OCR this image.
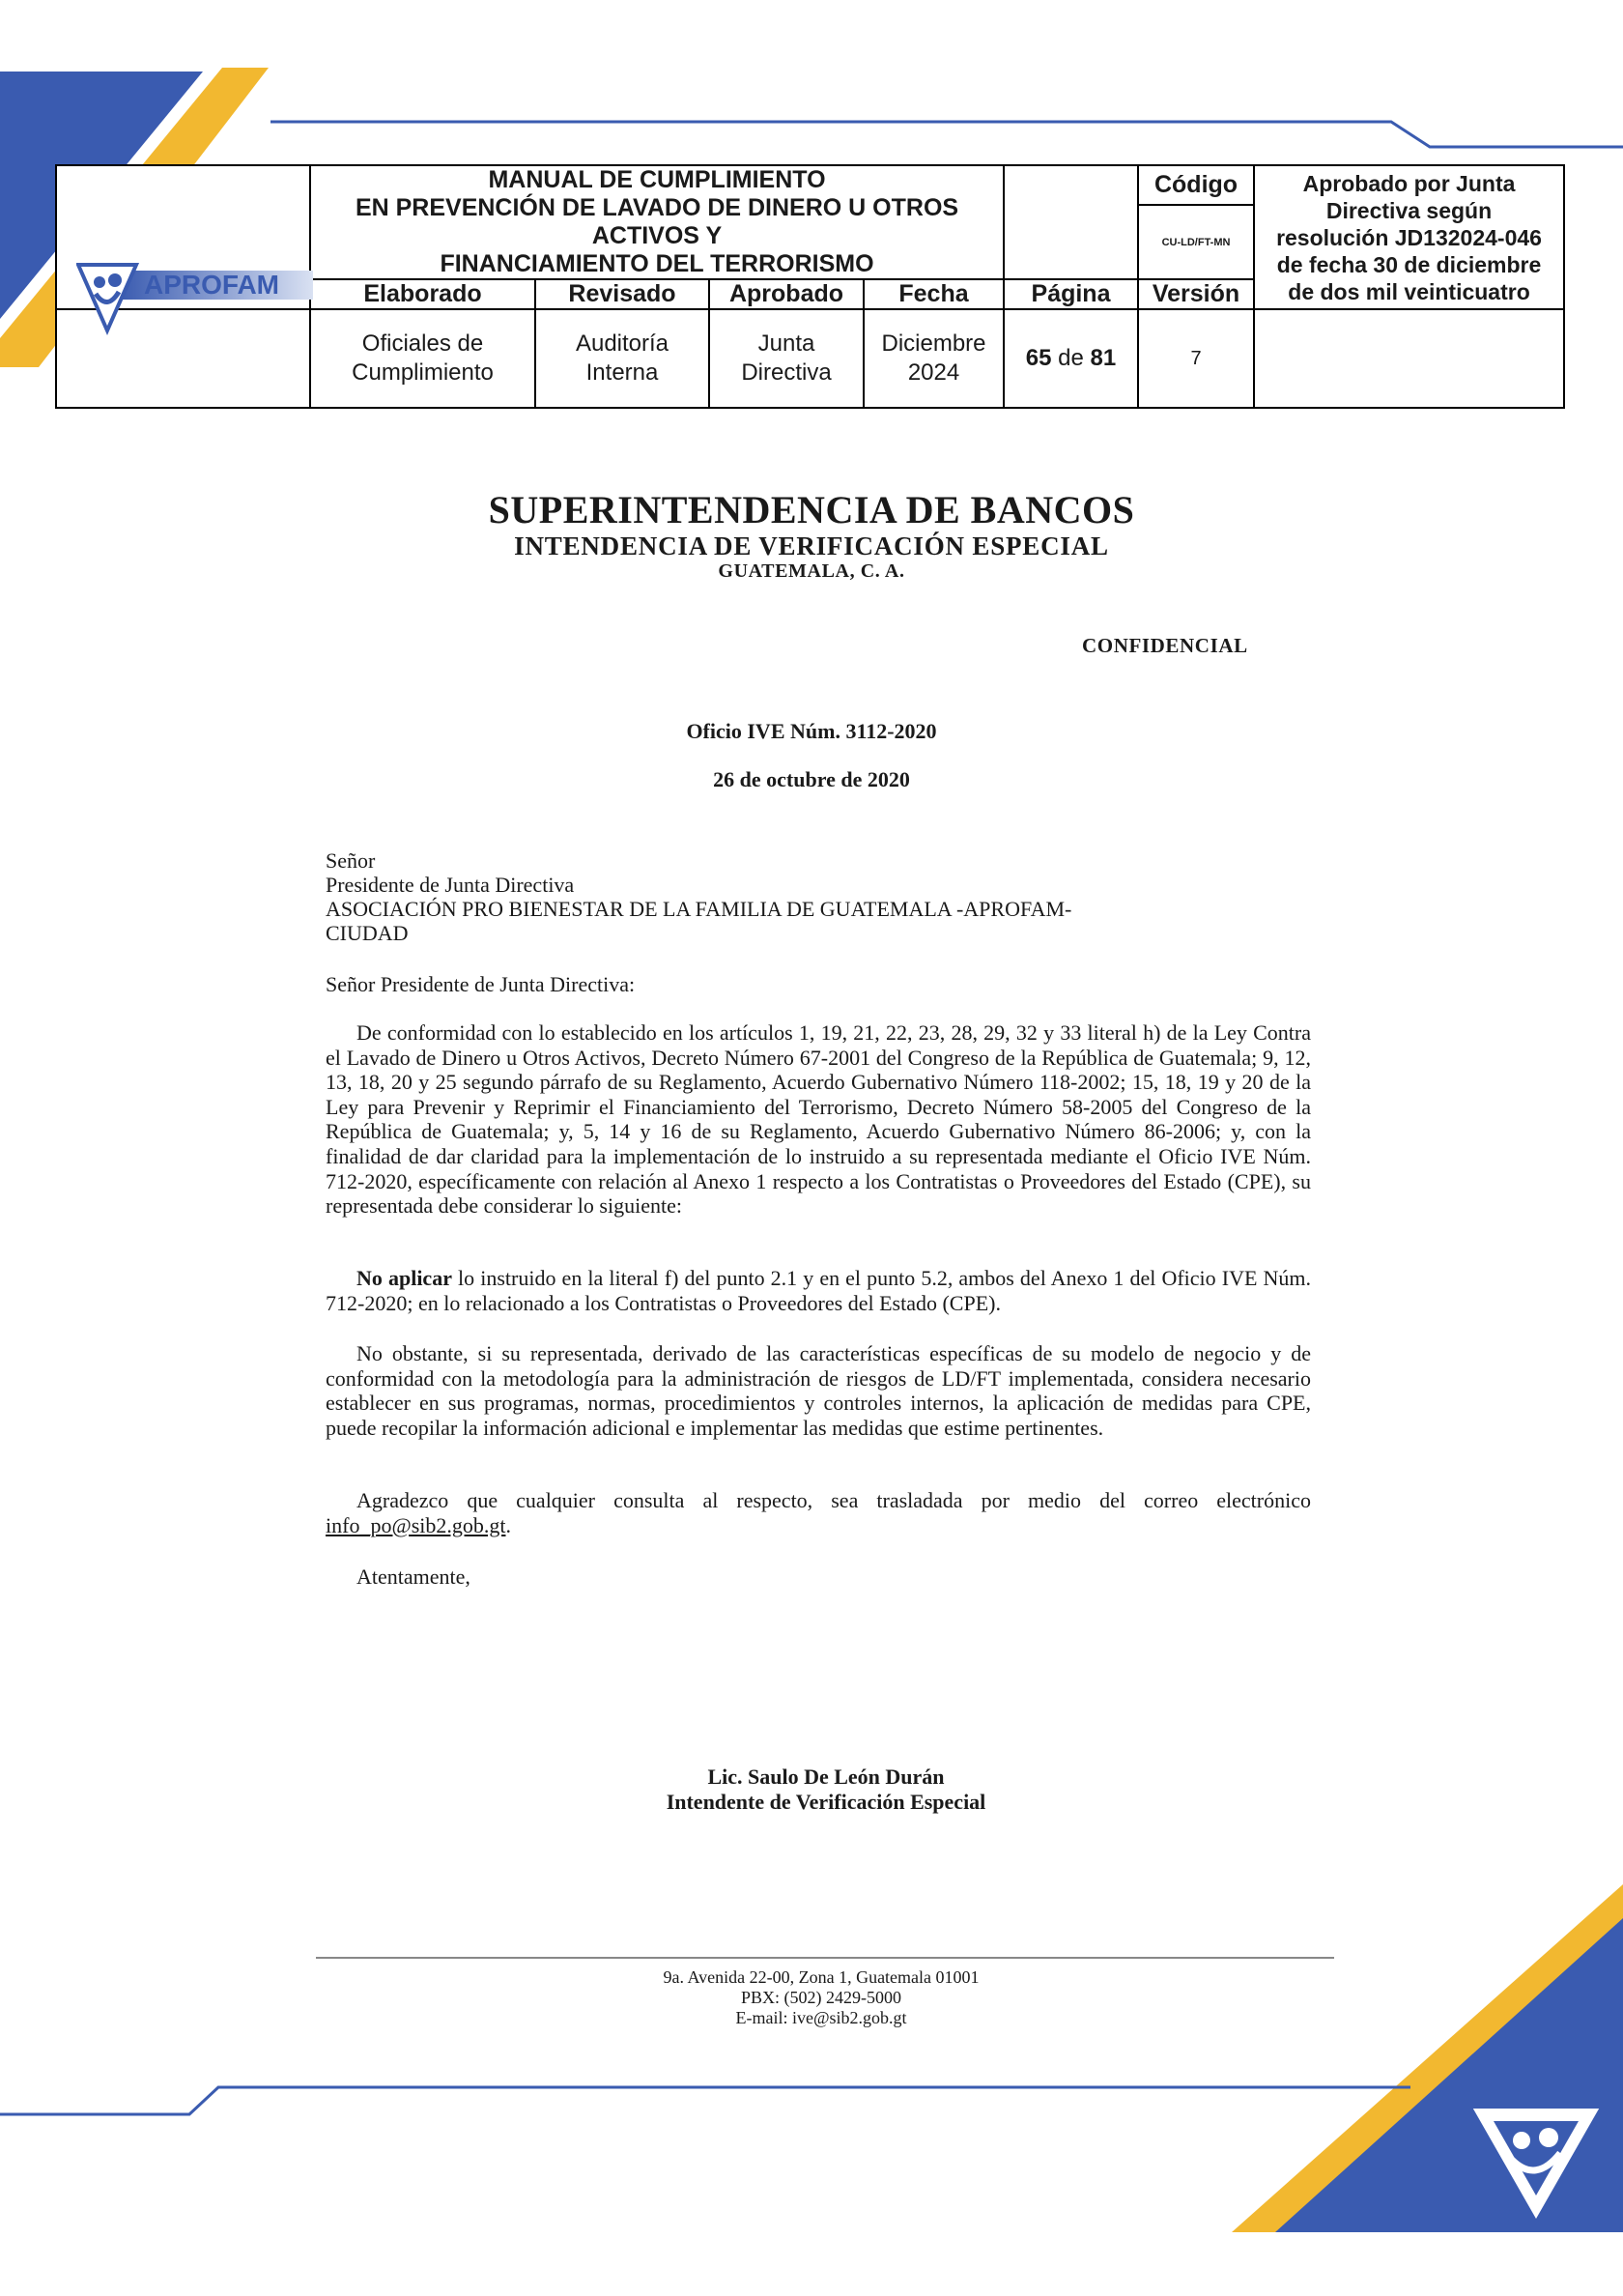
APROFAM	MANUAL DE CUMPLIMIENTO
EN PREVENCIÓN DE LAVADO DE DINERO U OTROS ACTIVOS Y
FINANCIAMIENTO DEL TERRORISMO					Código	Aprobado por Junta Directiva según resolución JD132024-046 de fecha 30 de diciembre de dos mil veinticuatro
						CU-LD/FT-MN	
	Elaborado	Revisado	Aprobado	Fecha	Página	Versión	
	Oficiales de Cumplimiento	Auditoría Interna	Junta Directiva	Diciembre 2024	65 de 81	7	
SUPERINTENDENCIA DE BANCOS
INTENDENCIA DE VERIFICACIÓN ESPECIAL
GUATEMALA, C. A.
CONFIDENCIAL
Oficio IVE Núm. 3112-2020
26 de octubre de 2020
Señor
Presidente de Junta Directiva
ASOCIACIÓN PRO BIENESTAR DE LA FAMILIA DE GUATEMALA -APROFAM-
CIUDAD
Señor Presidente de Junta Directiva:

De conformidad con lo establecido en los artículos 1, 19, 21, 22, 23, 28, 29, 32 y 33 literal h) de la Ley Contra el Lavado de Dinero u Otros Activos, Decreto Número 67-2001 del Congreso de la República de Guatemala; 9, 12, 13, 18, 20 y 25 segundo párrafo de su Reglamento, Acuerdo Gubernativo Número 118-2002; 15, 18, 19 y 20 de la Ley para Prevenir y Reprimir el Financiamiento del Terrorismo, Decreto Número 58-2005 del Congreso de la República de Guatemala; y, 5, 14 y 16 de su Reglamento, Acuerdo Gubernativo Número 86-2006; y, con la finalidad de dar claridad para la implementación de lo instruido a su representada mediante el Oficio IVE Núm. 712-2020, específicamente con relación al Anexo 1 respecto a los Contratistas o Proveedores del Estado (CPE), su representada debe considerar lo siguiente:

No aplicar lo instruido en la literal f) del punto 2.1 y en el punto 5.2, ambos del Anexo 1 del Oficio IVE Núm. 712-2020; en lo relacionado a los Contratistas o Proveedores del Estado (CPE).

No obstante, si su representada, derivado de las características específicas de su modelo de negocio y de conformidad con la metodología para la administración de riesgos de LD/FT implementada, considera necesario establecer en sus programas, normas, procedimientos y controles internos, la aplicación de medidas para CPE, puede recopilar la información adicional e implementar las medidas que estime pertinentes.

Agradezco que cualquier consulta al respecto, sea trasladada por medio del correo electrónico info_po@sib2.gob.gt.

Atentamente,

Lic. Saulo De León Durán
Intendente de Verificación Especial
9a. Avenida 22-00, Zona 1, Guatemala 01001
PBX: (502) 2429-5000
E-mail: ive@sib2.gob.gt
